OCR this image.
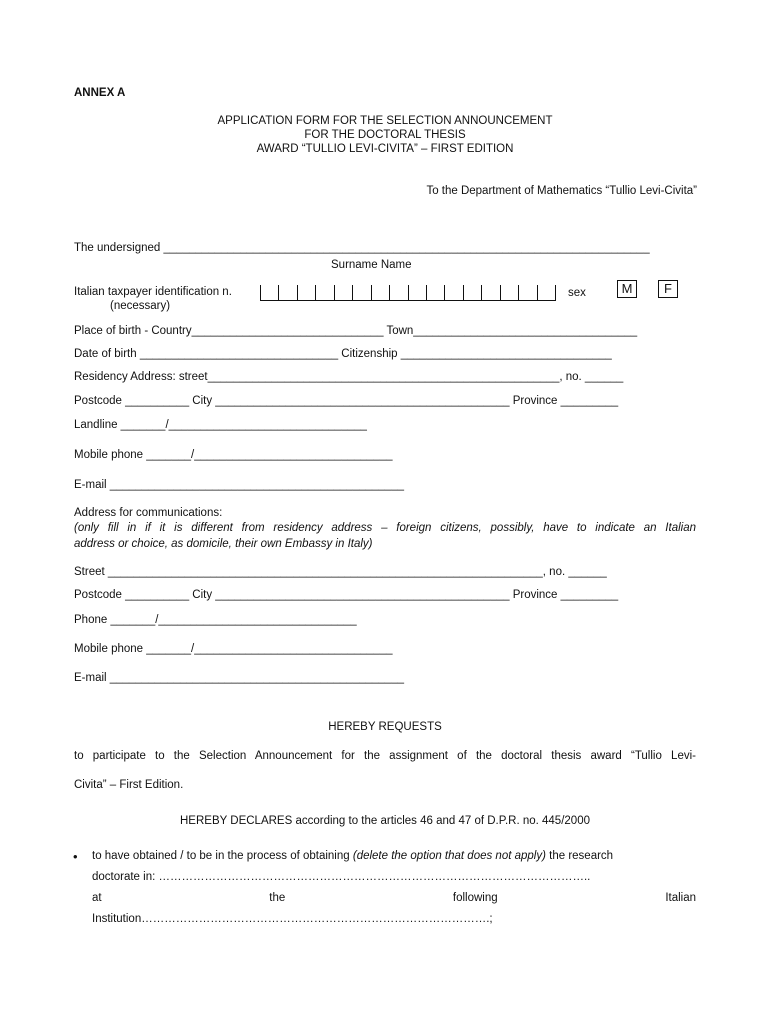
ANNEX A
APPLICATION FORM FOR THE SELECTION ANNOUNCEMENT
FOR THE DOCTORAL THESIS
AWARD “TULLIO LEVI-CIVITA” – FIRST EDITION
To the Department of Mathematics “Tullio Levi-Civita”
The undersigned ____________________________________________________________________________
Surname Name
Italian taxpayer identification n.
(necessary)
sex	M	F
Place of birth - Country______________________________ Town___________________________________
Date of birth _______________________________ Citizenship _________________________________
Residency Address: street_______________________________________________________, no. ______
Postcode __________ City ______________________________________________ Province _________
Landline _______/_______________________________
Mobile phone _______/_______________________________
E-mail ______________________________________________
Address for communications:
(only fill in if it is different from residency address – foreign citizens, possibly, have to indicate an Italian
address or choice, as domicile, their own Embassy in Italy)
Street ____________________________________________________________________, no. ______
Postcode __________ City ______________________________________________ Province _________
Phone _______/_______________________________
Mobile phone _______/_______________________________
E-mail ______________________________________________
HEREBY REQUESTS
to participate to the Selection Announcement for the assignment of the doctoral thesis award “Tullio Levi-
Civita” – First Edition.
HEREBY DECLARES according to the articles 46 and 47 of D.P.R. no. 445/2000
• to have obtained / to be in the process of obtaining (delete the option that does not apply) the research
doctorate in: …………………………………………………………………………………………………..
at	the	following	Italian
Institution……………………………………………………………………………….;
